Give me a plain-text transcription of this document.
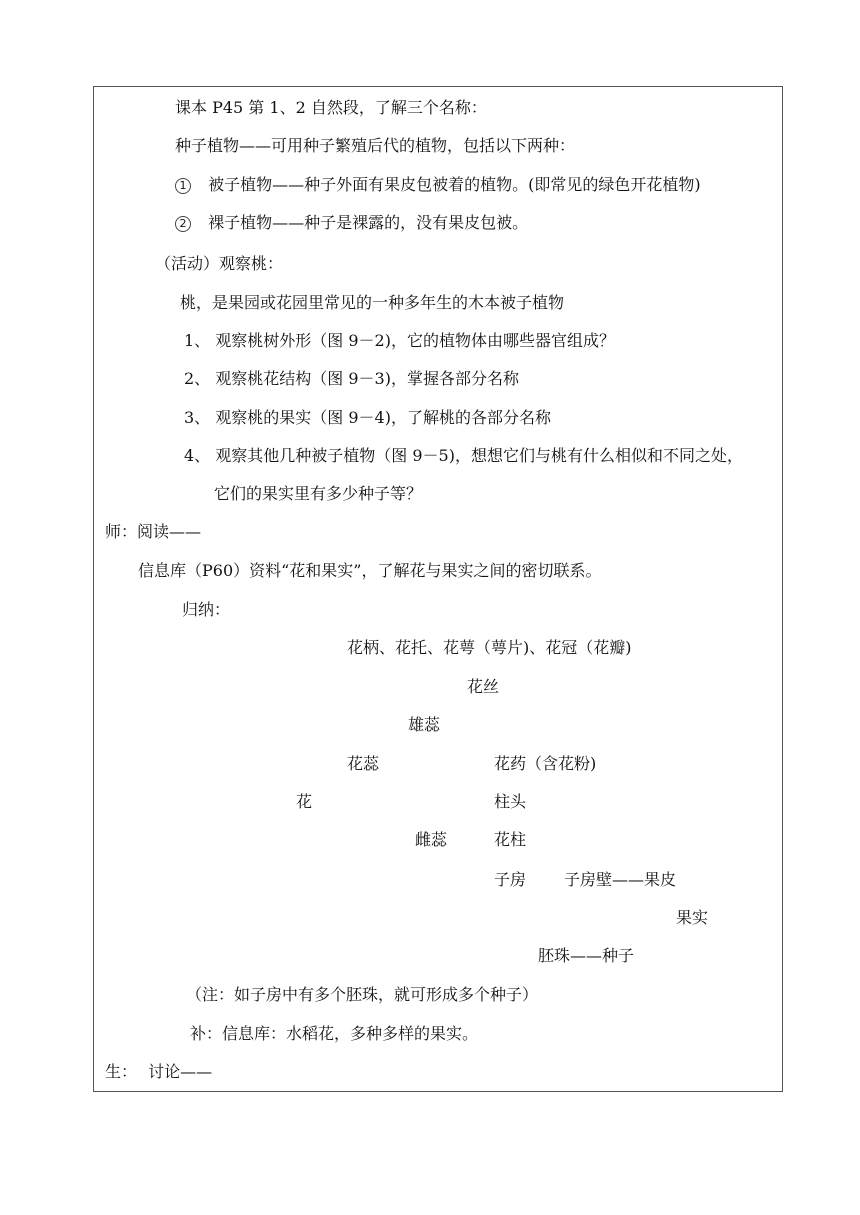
课本 P45 第 1、2 自然段，了解三个名称：
种子植物——可用种子繁殖后代的植物，包括以下两种：
1 被子植物——种子外面有果皮包被着的植物。(即常见的绿色开花植物)
2 裸子植物——种子是裸露的，没有果皮包被。
（活动）观察桃：
桃，是果园或花园里常见的一种多年生的木本被子植物
1、 观察桃树外形（图 9－2)，它的植物体由哪些器官组成？
2、 观察桃花结构（图 9－3)，掌握各部分名称
3、 观察桃的果实（图 9－4)，了解桃的各部分名称
4、 观察其他几种被子植物（图 9－5)，想想它们与桃有什么相似和不同之处，
它们的果实里有多少种子等？
师：阅读——
信息库（P60）资料“花和果实”，了解花与果实之间的密切联系。
归纳：
花柄、花托、花萼（萼片)、花冠（花瓣)
花丝
雄蕊
花蕊	花药（含花粉)
花	柱头
雌蕊	花柱
子房 子房壁——果皮
果实
胚珠——种子
（注：如子房中有多个胚珠，就可形成多个种子）
补：信息库：水稻花，多种多样的果实。
生： 讨论——
